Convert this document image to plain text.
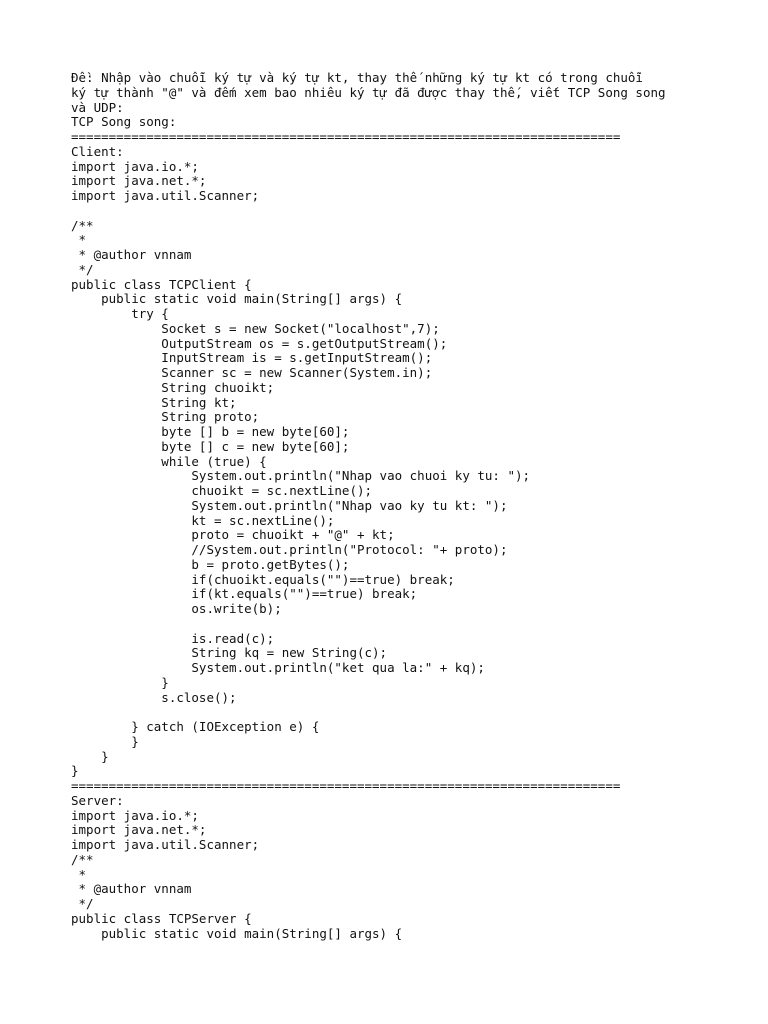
Đề: Nhập vào chuỗi ký tự và ký tự kt, thay thế những ký tự kt có trong chuỗi
ký tự thành "@" và đếm xem bao nhiêu ký tự đã được thay thế, viết TCP Song song
và UDP:
TCP Song song:
=========================================================================
Client:
import java.io.*;
import java.net.*;
import java.util.Scanner;
/**
*
* @author vnnam
*/
public class TCPClient {
public static void main(String[] args) {
try {
Socket s = new Socket("localhost",7);
OutputStream os = s.getOutputStream();
InputStream is = s.getInputStream();
Scanner sc = new Scanner(System.in);
String chuoikt;
String kt;
String proto;
byte [] b = new byte[60];
byte [] c = new byte[60];
while (true) {
System.out.println("Nhap vao chuoi ky tu: ");
chuoikt = sc.nextLine();
System.out.println("Nhap vao ky tu kt: ");
kt = sc.nextLine();
proto = chuoikt + "@" + kt;
//System.out.println("Protocol: "+ proto);
b = proto.getBytes();
if(chuoikt.equals("")==true) break;
if(kt.equals("")==true) break;
os.write(b);
is.read(c);
String kq = new String(c);
System.out.println("ket qua la:" + kq);
}
s.close();
} catch (IOException e) {
}
}
}
=========================================================================
Server:
import java.io.*;
import java.net.*;
import java.util.Scanner;
/**
*
* @author vnnam
*/
public class TCPServer {
public static void main(String[] args) {
